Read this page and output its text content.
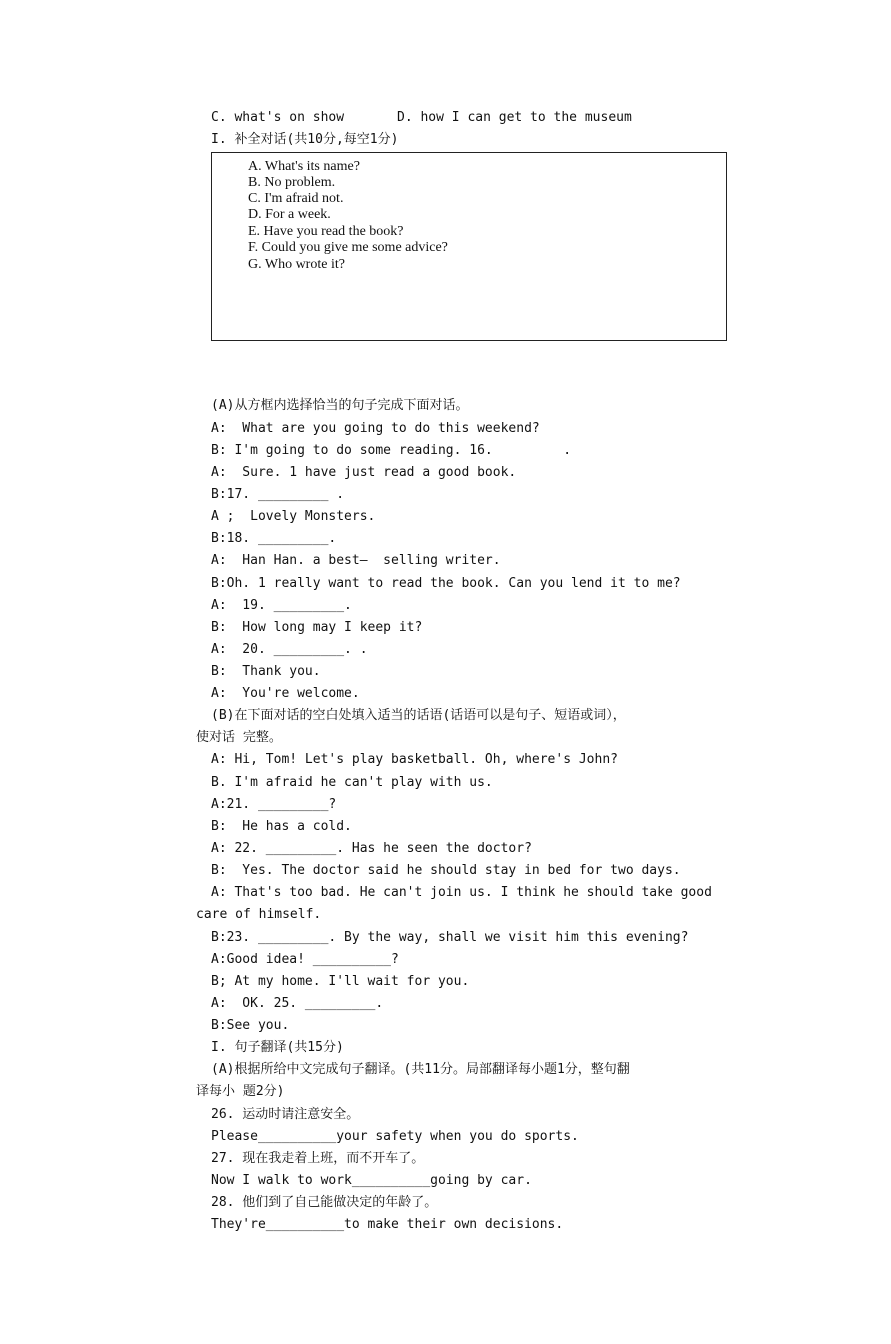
C. what's on show	D. how I can get to the museum
I. 补全对话(共10分,每空1分)
A. What's its name?
B. No problem.
C. I'm afraid not.
D. For a week.
E. Have you read the book?
F. Could you give me some advice?
G. Who wrote it?
(A)从方框内选择恰当的句子完成下面对话。
A:  What are you going to do this weekend?
B: I'm going to do some reading. 16.         .
A:  Sure. 1 have just read a good book.
B:17. _________ .
A ;  Lovely Monsters.
B:18. _________.
A:  Han Han. a best—  selling writer.
B:Oh. 1 really want to read the book. Can you lend it to me?
A:  19. _________.
B:  How long may I keep it?
A:  20. _________. .
B:  Thank you.
A:  You're welcome.
(B)在下面对话的空白处填入适当的话语(话语可以是句子、短语或词），
使对话 完整。
A: Hi, Tom! Let's play basketball. Oh, where's John?
B. I'm afraid he can't play with us.
A:21. _________?
B:  He has a cold.
A: 22. _________. Has he seen the doctor?
B:  Yes. The doctor said he should stay in bed for two days.
A: That's too bad. He can't join us. I think he should take good
care of himself.
B:23. _________. By the way, shall we visit him this evening?
A:Good idea! __________?
B; At my home. I'll wait for you.
A:  OK. 25. _________.
B:See you.
I. 句子翻译(共15分)
(A)根据所给中文完成句子翻译。(共11分。局部翻译每小题1分，整句翻
译每小 题2分)
26. 运动时请注意安全。
Please__________your safety when you do sports.
27. 现在我走着上班，而不开车了。
Now I walk to work__________going by car.
28. 他们到了自己能做决定的年龄了。
They're__________to make their own decisions.
